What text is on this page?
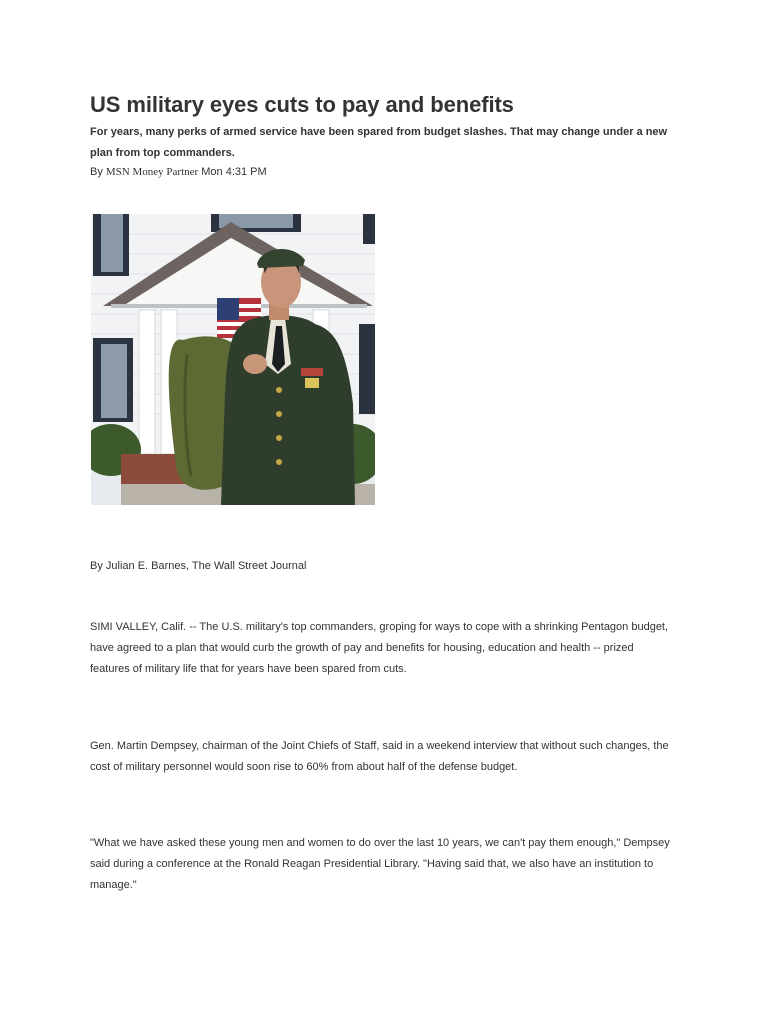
US military eyes cuts to pay and benefits

For years, many perks of armed service have been spared from budget slashes. That may change under a new plan from top commanders.

By MSN Money Partner Mon 4:31 PM
By Julian E. Barnes, The Wall Street Journal

SIMI VALLEY, Calif. -- The U.S. military's top commanders, groping for ways to cope with a shrinking Pentagon budget, have agreed to a plan that would curb the growth of pay and benefits for housing, education and health -- prized features of military life that for years have been spared from cuts.

Gen. Martin Dempsey, chairman of the Joint Chiefs of Staff, said in a weekend interview that without such changes, the cost of military personnel would soon rise to 60% from about half of the defense budget.

"What we have asked these young men and women to do over the last 10 years, we can't pay them enough," Dempsey said during a conference at the Ronald Reagan Presidential Library. "Having said that, we also have an institution to manage."
